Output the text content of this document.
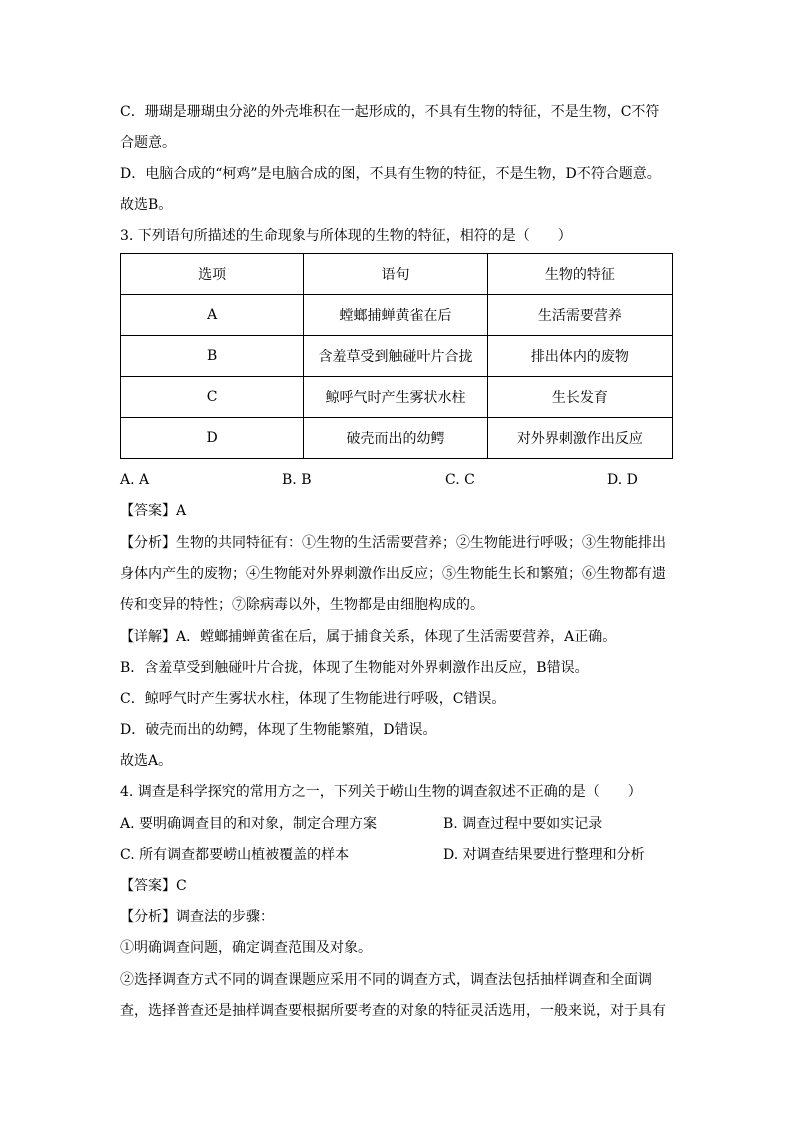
C．珊瑚是珊瑚虫分泌的外壳堆积在一起形成的，不具有生物的特征，不是生物，C不符
合题意。
D．电脑合成的“柯鸡”是电脑合成的图，不具有生物的特征，不是生物，D不符合题意。
故选B。
3. 下列语句所描述的生命现象与所体现的生物的特征，相符的是（　　）
选项	语句	生物的特征
A	螳螂捕蝉黄雀在后	生活需要营养
B	含羞草受到触碰叶片合拢	排出体内的废物
C	鲸呼气时产生雾状水柱	生长发育
D	破壳而出的幼鳄	对外界刺激作出反应
A. A	B. B	C. C	D. D
【答案】A
【分析】生物的共同特征有：①生物的生活需要营养；②生物能进行呼吸；③生物能排出
身体内产生的废物；④生物能对外界刺激作出反应；⑤生物能生长和繁殖；⑥生物都有遗
传和变异的特性；⑦除病毒以外，生物都是由细胞构成的。
【详解】A．螳螂捕蝉黄雀在后，属于捕食关系，体现了生活需要营养，A正确。
B．含羞草受到触碰叶片合拢，体现了生物能对外界刺激作出反应，B错误。
C．鲸呼气时产生雾状水柱，体现了生物能进行呼吸，C错误。
D．破壳而出的幼鳄，体现了生物能繁殖，D错误。
故选A。
4. 调查是科学探究的常用方之一，下列关于崂山生物的调查叙述不正确的是（　　）
A. 要明确调查目的和对象，制定合理方案	B. 调查过程中要如实记录
C. 所有调查都要崂山植被覆盖的样本	D. 对调查结果要进行整理和分析
【答案】C
【分析】调查法的步骤：
①明确调查问题，确定调查范围及对象。
②选择调查方式不同的调查课题应采用不同的调查方式，调查法包括抽样调查和全面调
查，选择普查还是抽样调查要根据所要考查的对象的特征灵活选用，一般来说，对于具有
